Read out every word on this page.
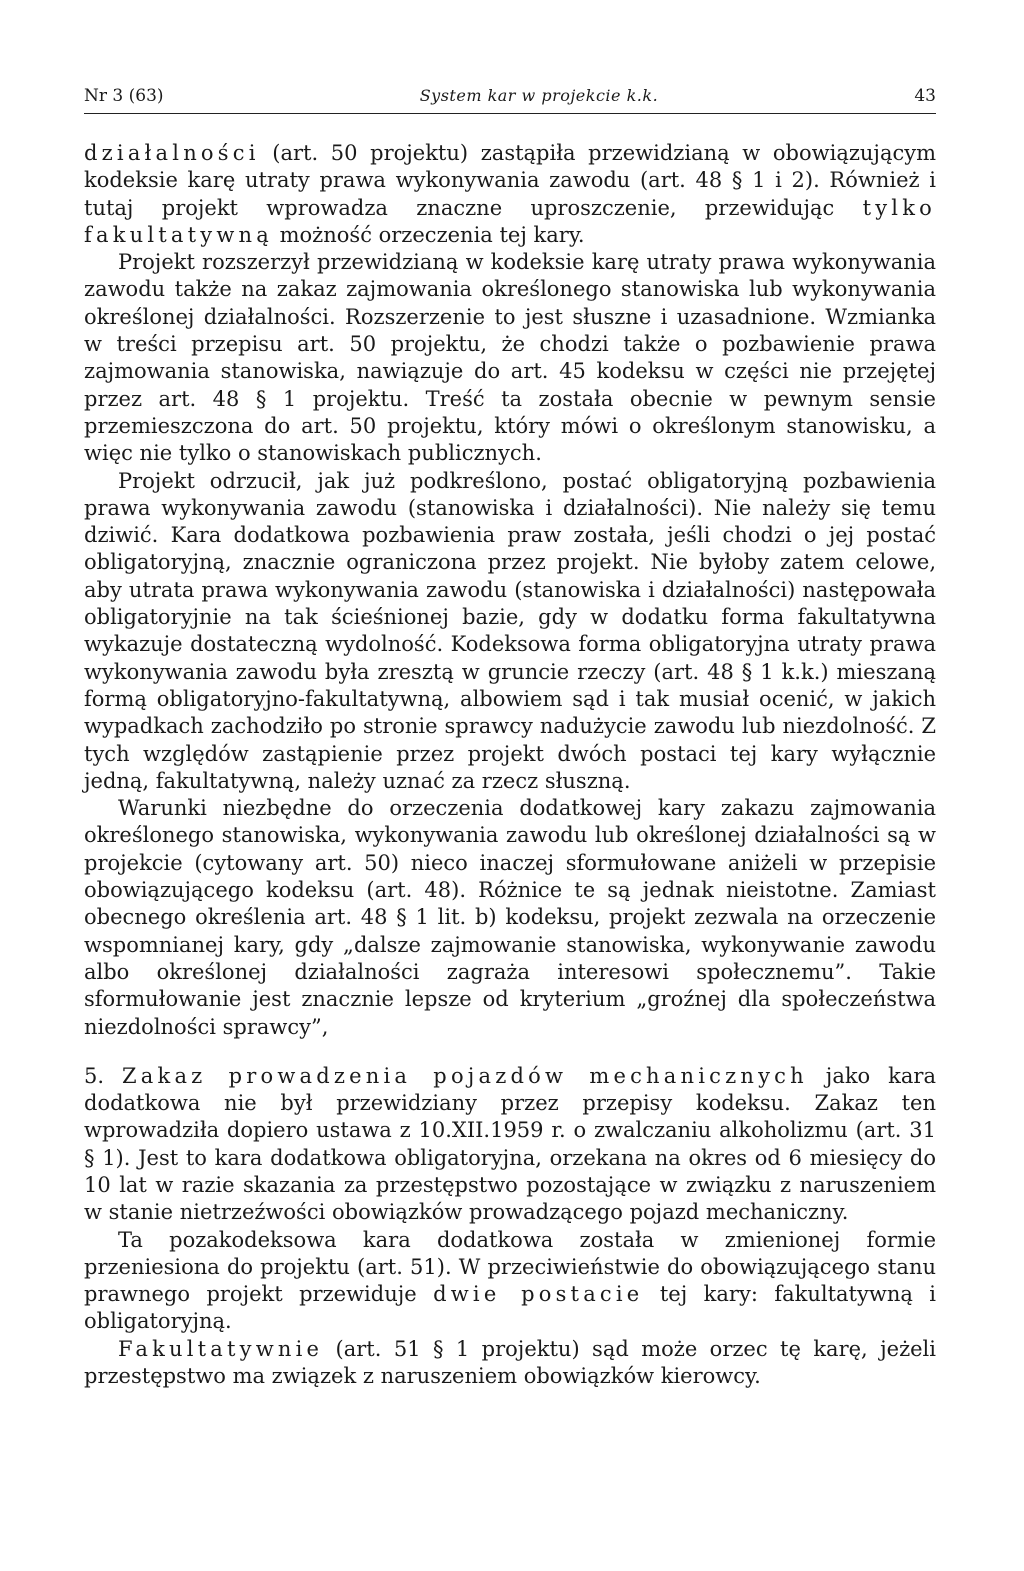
Nr 3 (63)	System kar w projekcie k.k.	43

działalności (art. 50 projektu) zastąpiła przewidzianą w obowiązującym kodeksie karę utraty prawa wykonywania zawodu (art. 48 § 1 i 2). Również i tutaj projekt wprowadza znaczne uproszczenie, przewidując tylko fakultatywną możność orzeczenia tej kary.

Projekt rozszerzył przewidzianą w kodeksie karę utraty prawa wykonywania zawodu także na zakaz zajmowania określonego stanowiska lub wykonywania określonej działalności. Rozszerzenie to jest słuszne i uzasadnione. Wzmianka w treści przepisu art. 50 projektu, że chodzi także o pozbawienie prawa zajmowania stanowiska, nawiązuje do art. 45 kodeksu w części nie przejętej przez art. 48 § 1 projektu. Treść ta została obecnie w pewnym sensie przemieszczona do art. 50 projektu, który mówi o określonym stanowisku, a więc nie tylko o stanowiskach publicznych.

Projekt odrzucił, jak już podkreślono, postać obligatoryjną pozbawienia prawa wykonywania zawodu (stanowiska i działalności). Nie należy się temu dziwić. Kara dodatkowa pozbawienia praw została, jeśli chodzi o jej postać obligatoryjną, znacznie ograniczona przez projekt. Nie byłoby zatem celowe, aby utrata prawa wykonywania zawodu (stanowiska i działalności) następowała obligatoryjnie na tak ścieśnionej bazie, gdy w dodatku forma fakultatywna wykazuje dostateczną wydolność. Kodeksowa forma obligatoryjna utraty prawa wykonywania zawodu była zresztą w gruncie rzeczy (art. 48 § 1 k.k.) mieszaną formą obligatoryjno-fakultatywną, albowiem sąd i tak musiał ocenić, w jakich wypadkach zachodziło po stronie sprawcy nadużycie zawodu lub niezdolność. Z tych względów zastąpienie przez projekt dwóch postaci tej kary wyłącznie jedną, fakultatywną, należy uznać za rzecz słuszną.

Warunki niezbędne do orzeczenia dodatkowej kary zakazu zajmowania określonego stanowiska, wykonywania zawodu lub określonej działalności są w projekcie (cytowany art. 50) nieco inaczej sformułowane aniżeli w przepisie obowiązującego kodeksu (art. 48). Różnice te są jednak nieistotne. Zamiast obecnego określenia art. 48 § 1 lit. b) kodeksu, projekt zezwala na orzeczenie wspomnianej kary, gdy „dalsze zajmowanie stanowiska, wykonywanie zawodu albo określonej działalności zagraża interesowi społecznemu”. Takie sformułowanie jest znacznie lepsze od kryterium „groźnej dla społeczeństwa niezdolności sprawcy”,

5. Zakaz prowadzenia pojazdów mechanicznych jako kara dodatkowa nie był przewidziany przez przepisy kodeksu. Zakaz ten wprowadziła dopiero ustawa z 10.XII.1959 r. o zwalczaniu alkoholizmu (art. 31 § 1). Jest to kara dodatkowa obligatoryjna, orzekana na okres od 6 miesięcy do 10 lat w razie skazania za przestępstwo pozostające w związku z naruszeniem w stanie nietrzeźwości obowiązków prowadzącego pojazd mechaniczny.

Ta pozakodeksowa kara dodatkowa została w zmienionej formie przeniesiona do projektu (art. 51). W przeciwieństwie do obowiązującego stanu prawnego projekt przewiduje dwie postacie tej kary: fakultatywną i obligatoryjną.

Fakultatywnie (art. 51 § 1 projektu) sąd może orzec tę karę, jeżeli przestępstwo ma związek z naruszeniem obowiązków kierowcy.
